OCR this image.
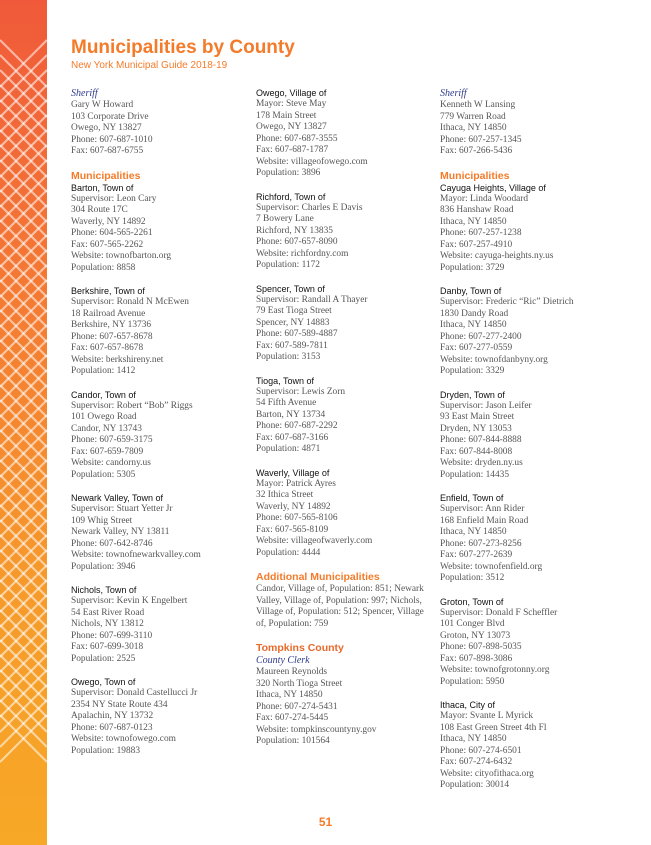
Municipalities by County
New York Municipal Guide 2018-19
Sheriff
Gary W Howard
103 Corporate Drive
Owego, NY 13827
Phone: 607-687-1010
Fax: 607-687-6755
Municipalities
Barton, Town of
Supervisor: Leon Cary
304 Route 17C
Waverly, NY 14892
Phone: 604-565-2261
Fax: 607-565-2262
Website: townofbarton.org
Population: 8858
Berkshire, Town of
Supervisor: Ronald N McEwen
18 Railroad Avenue
Berkshire, NY 13736
Phone: 607-657-8678
Fax: 607-657-8678
Website: berkshireny.net
Population: 1412
Candor, Town of
Supervisor: Robert “Bob” Riggs
101 Owego Road
Candor, NY 13743
Phone: 607-659-3175
Fax: 607-659-7809
Website: candorny.us
Population: 5305
Newark Valley, Town of
Supervisor: Stuart Yetter Jr
109 Whig Street
Newark Valley, NY 13811
Phone: 607-642-8746
Website: townofnewarkvalley.com
Population: 3946
Nichols, Town of
Supervisor: Kevin K Engelbert
54 East River Road
Nichols, NY 13812
Phone: 607-699-3110
Fax: 607-699-3018
Population: 2525
Owego, Town of
Supervisor: Donald Castellucci Jr
2354 NY State Route 434
Apalachin, NY 13732
Phone: 607-687-0123
Website: townofowego.com
Population: 19883
Owego, Village of
Mayor: Steve May
178 Main Street
Owego, NY 13827
Phone: 607-687-3555
Fax: 607-687-1787
Website: villageofowego.com
Population: 3896
Richford, Town of
Supervisor: Charles E Davis
7 Bowery Lane
Richford, NY 13835
Phone: 607-657-8090
Website: richfordny.com
Population: 1172
Spencer, Town of
Supervisor: Randall A Thayer
79 East Tioga Street
Spencer, NY 14883
Phone: 607-589-4887
Fax: 607-589-7811
Population: 3153
Tioga, Town of
Supervisor: Lewis Zorn
54 Fifth Avenue
Barton, NY 13734
Phone: 607-687-2292
Fax: 607-687-3166
Population: 4871
Waverly, Village of
Mayor: Patrick Ayres
32 Ithica Street
Waverly, NY 14892
Phone: 607-565-8106
Fax: 607-565-8109
Website: villageofwaverly.com
Population: 4444
Additional Municipalities
Candor, Village of, Population: 851; Newark Valley, Village of, Population: 997; Nichols, Village of, Population: 512; Spencer, Village of, Population: 759
Tompkins County
County Clerk
Maureen Reynolds
320 North Tioga Street
Ithaca, NY 14850
Phone: 607-274-5431
Fax: 607-274-5445
Website: tompkinscountyny.gov
Population: 101564
Sheriff
Kenneth W Lansing
779 Warren Road
Ithaca, NY 14850
Phone: 607-257-1345
Fax: 607-266-5436
Municipalities
Cayuga Heights, Village of
Mayor: Linda Woodard
836 Hanshaw Road
Ithaca, NY 14850
Phone: 607-257-1238
Fax: 607-257-4910
Website: cayuga-heights.ny.us
Population: 3729
Danby, Town of
Supervisor: Frederic “Ric” Dietrich
1830 Dandy Road
Ithaca, NY 14850
Phone: 607-277-2400
Fax: 607-277-0559
Website: townofdanbyny.org
Population: 3329
Dryden, Town of
Supervisor: Jason Leifer
93 East Main Street
Dryden, NY 13053
Phone: 607-844-8888
Fax: 607-844-8008
Website: dryden.ny.us
Population: 14435
Enfield, Town of
Supervisor: Ann Rider
168 Enfield Main Road
Ithaca, NY 14850
Phone: 607-273-8256
Fax: 607-277-2639
Website: townofenfield.org
Population: 3512
Groton, Town of
Supervisor: Donald F Scheffler
101 Conger Blvd
Groton, NY 13073
Phone: 607-898-5035
Fax: 607-898-3086
Website: townofgrotonny.org
Population: 5950
Ithaca, City of
Mayor: Svante L Myrick
108 East Green Street 4th Fl
Ithaca, NY 14850
Phone: 607-274-6501
Fax: 607-274-6432
Website: cityofithaca.org
Population: 30014
51
